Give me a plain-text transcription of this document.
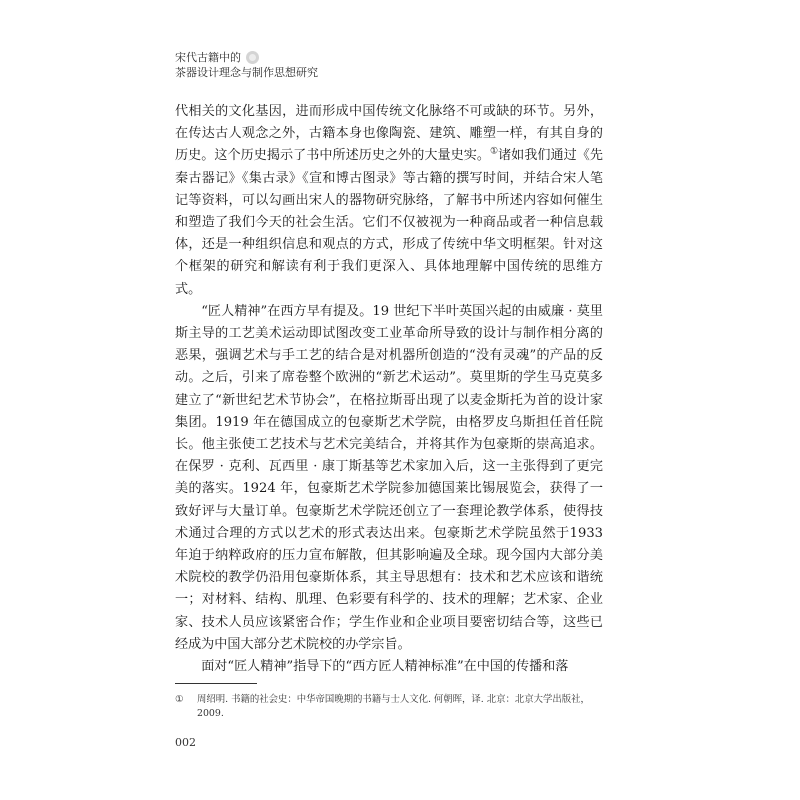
宋代古籍中的
茶器设计理念与制作思想研究

代相关的文化基因，进而形成中国传统文化脉络不可或缺的环节。另外，在传达古人观念之外，古籍本身也像陶瓷、建筑、雕塑一样，有其自身的历史。这个历史揭示了书中所述历史之外的大量史实。①诸如我们通过《先秦古器记》《集古录》《宣和博古图录》等古籍的撰写时间，并结合宋人笔记等资料，可以勾画出宋人的器物研究脉络，了解书中所述内容如何催生和塑造了我们今天的社会生活。它们不仅被视为一种商品或者一种信息载体，还是一种组织信息和观点的方式，形成了传统中华文明框架。针对这个框架的研究和解读有利于我们更深入、具体地理解中国传统的思维方式。

“匠人精神”在西方早有提及。19 世纪下半叶英国兴起的由威廉 · 莫里斯主导的工艺美术运动即试图改变工业革命所导致的设计与制作相分离的恶果，强调艺术与手工艺的结合是对机器所创造的“没有灵魂”的产品的反动。之后，引来了席卷整个欧洲的“新艺术运动”。莫里斯的学生马克莫多建立了“新世纪艺术节协会”，在格拉斯哥出现了以麦金斯托为首的设计家集团。1919 年在德国成立的包豪斯艺术学院，由格罗皮乌斯担任首任院长。他主张使工艺技术与艺术完美结合，并将其作为包豪斯的崇高追求。在保罗 · 克利、瓦西里 · 康丁斯基等艺术家加入后，这一主张得到了更完美的落实。1924 年，包豪斯艺术学院参加德国莱比锡展览会，获得了一致好评与大量订单。包豪斯艺术学院还创立了一套理论教学体系，使得技术通过合理的方式以艺术的形式表达出来。包豪斯艺术学院虽然于1933 年迫于纳粹政府的压力宣布解散，但其影响遍及全球。现今国内大部分美术院校的教学仍沿用包豪斯体系，其主导思想有：技术和艺术应该和谐统一；对材料、结构、肌理、色彩要有科学的、技术的理解；艺术家、企业家、技术人员应该紧密合作；学生作业和企业项目要密切结合等，这些已经成为中国大部分艺术院校的办学宗旨。

面对“匠人精神”指导下的“西方匠人精神标准”在中国的传播和落

①	周绍明. 书籍的社会史：中华帝国晚期的书籍与士人文化. 何朝晖，译. 北京：北京大学出版社，2009.
002
